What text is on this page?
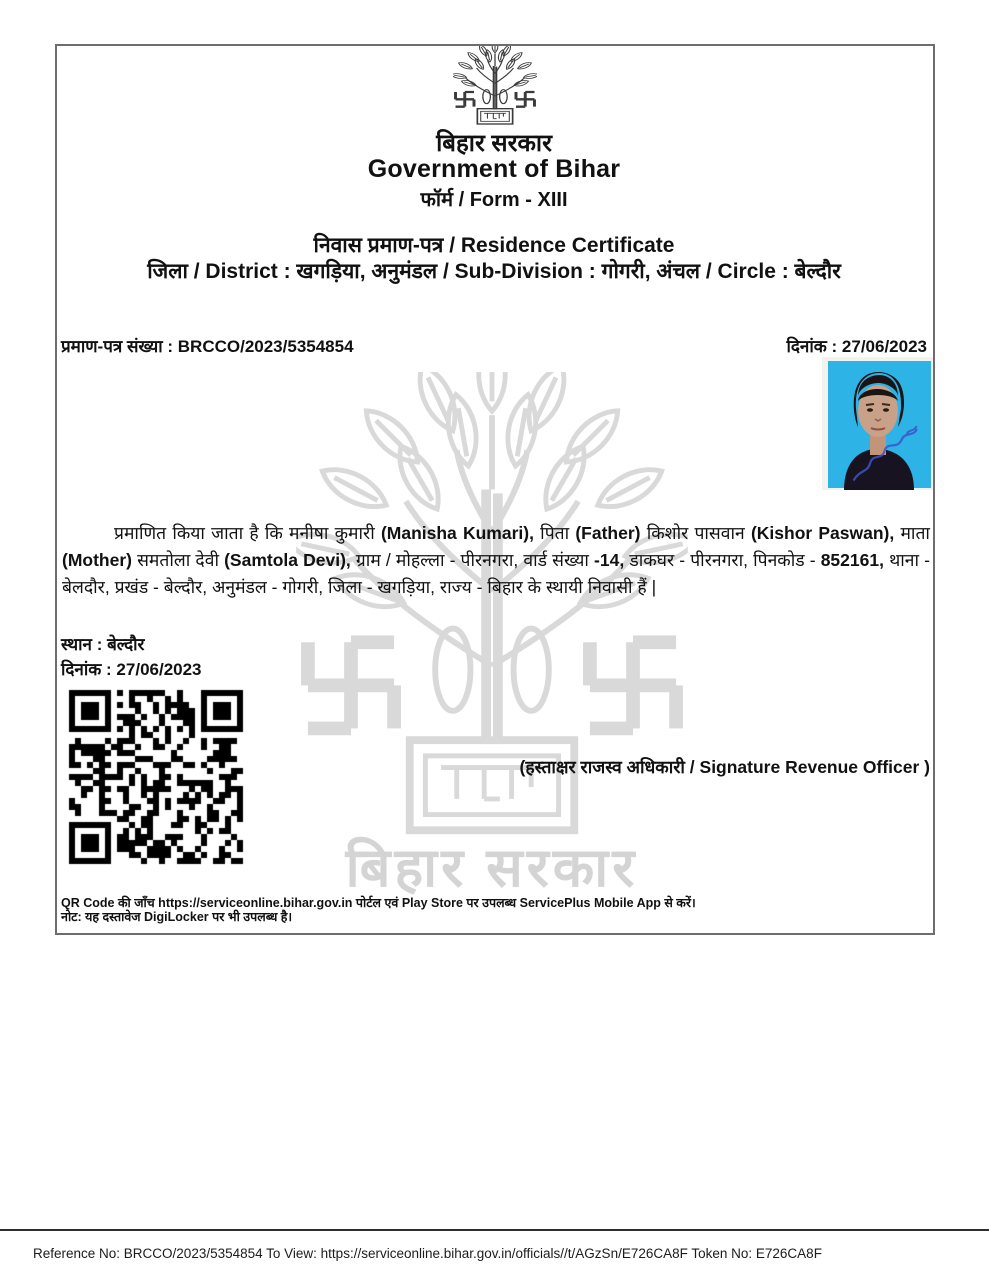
बिहार सरकार
बिहार सरकार
Government of Bihar
फॉर्म / Form - XIII
निवास प्रमाण-पत्र / Residence Certificate
जिला / District : खगड़िया, अनुमंडल / Sub-Division : गोगरी, अंचल / Circle : बेल्दौर
प्रमाण-पत्र संख्या : BRCCO/2023/5354854	दिनांक : 27/06/2023
प्रमाणित किया जाता है कि मनीषा कुमारी (Manisha Kumari), पिता (Father) किशोर पासवान (Kishor Paswan), माता (Mother) समतोला देवी (Samtola Devi), ग्राम / मोहल्ला - पीरनगरा, वार्ड संख्या -14, डाकघर - पीरनगरा, पिनकोड - 852161, थाना - बेलदौर, प्रखंड - बेल्दौर, अनुमंडल - गोगरी, जिला - खगड़िया, राज्य - बिहार के स्थायी निवासी हैं |
स्थान : बेल्दौर
दिनांक : 27/06/2023
(हस्ताक्षर राजस्व अधिकारी / Signature Revenue Officer )
QR Code की जाँच https://serviceonline.bihar.gov.in पोर्टल एवं Play Store पर उपलब्ध ServicePlus Mobile App से करें।
नोट: यह दस्तावेज DigiLocker पर भी उपलब्ध है।
Reference No: BRCCO/2023/5354854 To View: https://serviceonline.bihar.gov.in/officials//t/AGzSn/E726CA8F Token No: E726CA8F
